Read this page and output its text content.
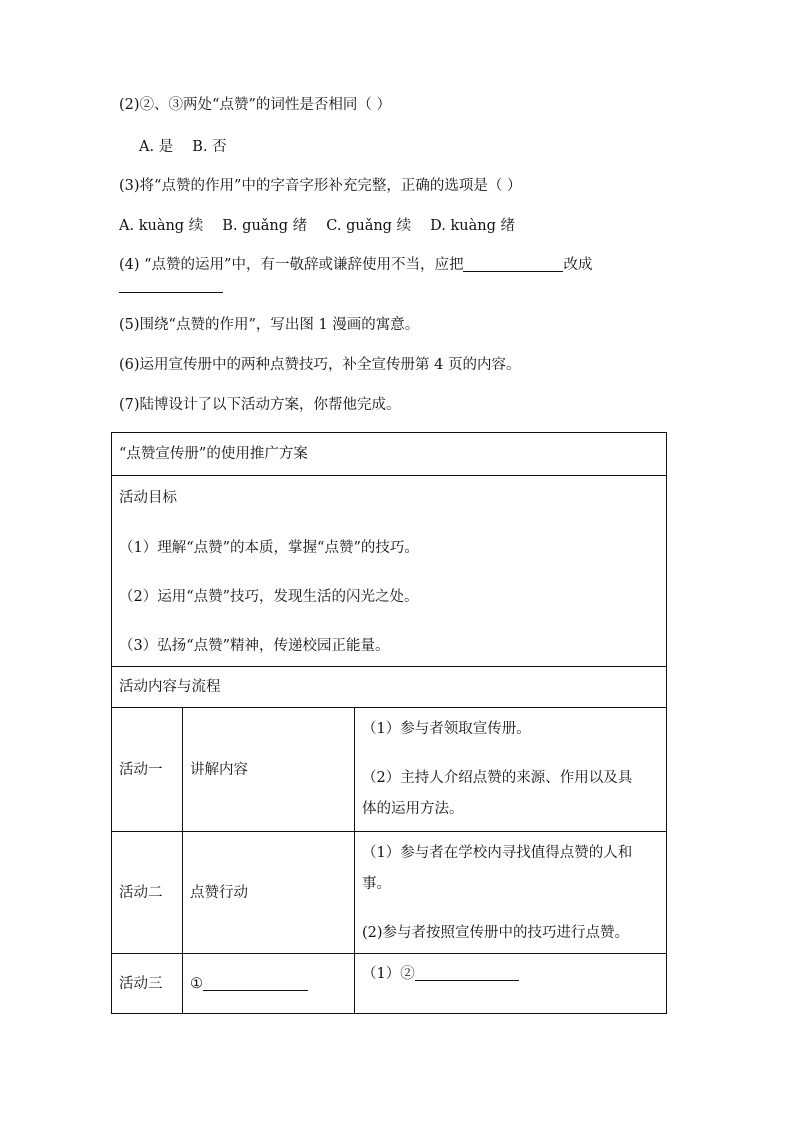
(2)②、③两处“点赞”的词性是否相同（ ）
A. 是　 B. 否
(3)将“点赞的作用”中的字音字形补充完整，正确的选项是（ ）
A. kuàng 续　 B. guǎng 绪　 C. guǎng 续　 D. kuàng 绪
(4) “点赞的运用”中，有一敬辞或谦辞使用不当，应把	改成
(5)围绕“点赞的作用”，写出图 1 漫画的寓意。
(6)运用宣传册中的两种点赞技巧，补全宣传册第 4 页的内容。
(7)陆博设计了以下活动方案，你帮他完成。
“点赞宣传册”的使用推广方案		

活动目标
（1）理解“点赞”的本质，掌握“点赞”的技巧。
（2）运用“点赞”技巧，发现生活的闪光之处。
（3）弘扬“点赞”精神，传递校园正能量。		

活动内容与流程		
活动一	讲解内容	（1）参与者领取宣传册。
（2）主持人介绍点赞的来源、作用以及具
体的运用方法。

活动二	点赞行动	（1）参与者在学校内寻找值得点赞的人和
事。
(2)参与者按照宣传册中的技巧进行点赞。

活动三	①	（1）②
